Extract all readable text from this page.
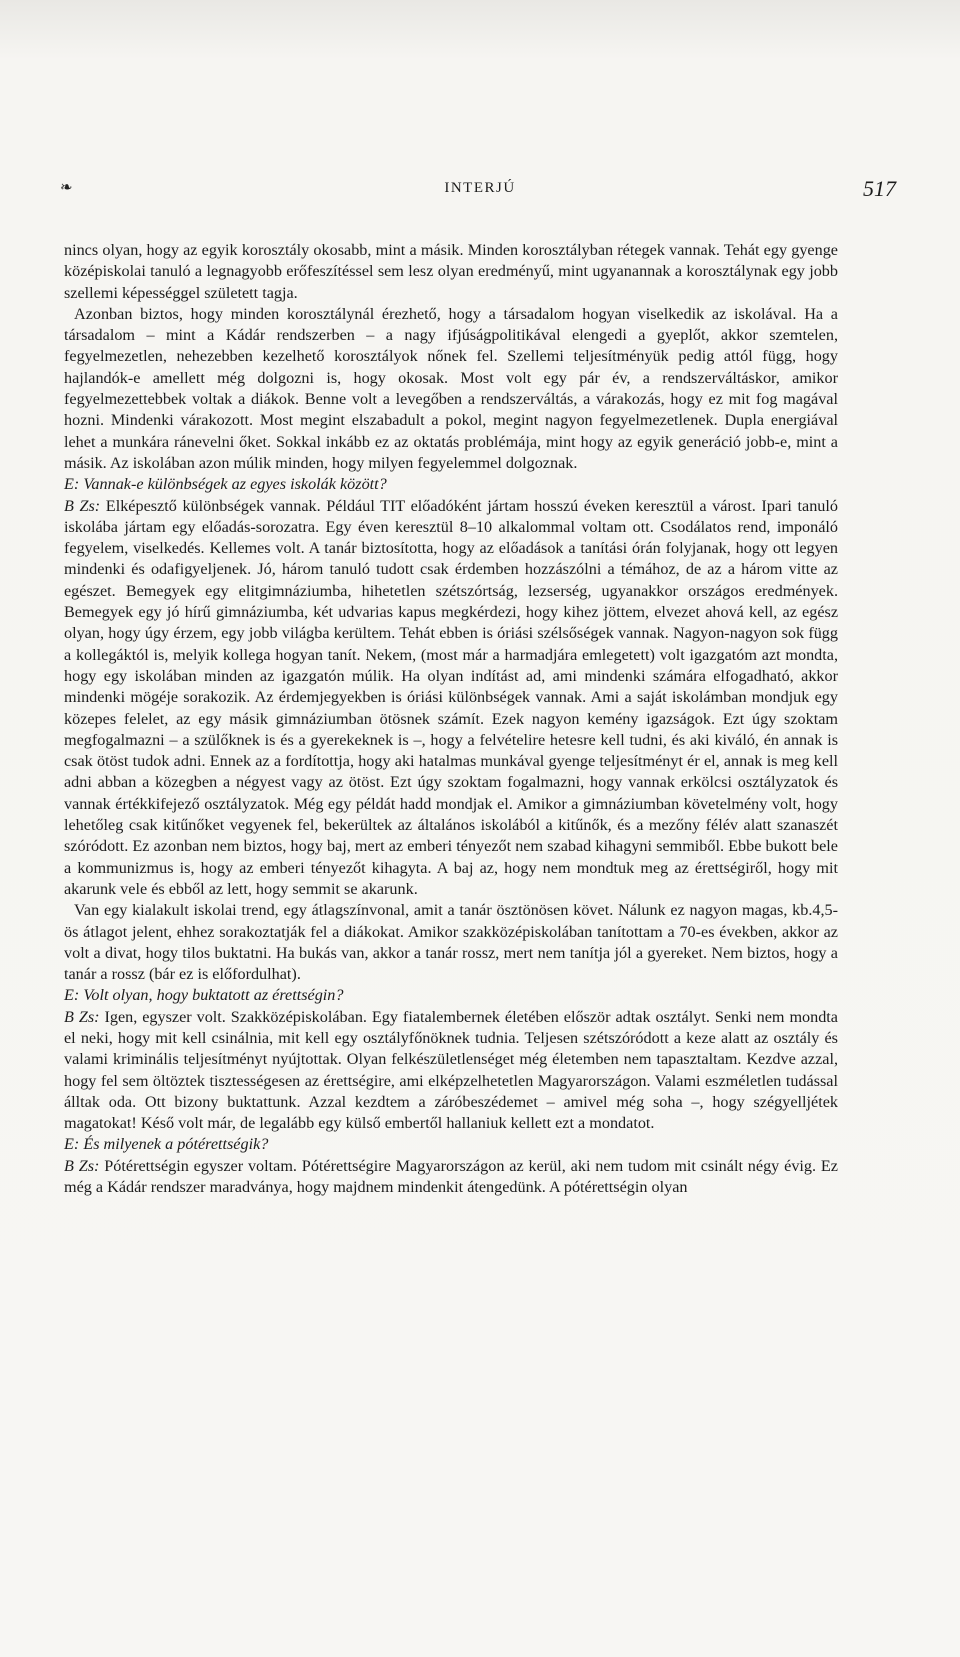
❧	INTERJÚ	517

nincs olyan, hogy az egyik korosztály okosabb, mint a másik. Minden korosztályban rétegek vannak. Tehát egy gyenge középiskolai tanuló a legnagyobb erőfeszítéssel sem lesz olyan eredményű, mint ugyanannak a korosztálynak egy jobb szellemi képességgel született tagja.

Azonban biztos, hogy minden korosztálynál érezhető, hogy a társadalom hogyan viselkedik az iskolával. Ha a társadalom – mint a Kádár rendszerben – a nagy ifjúságpolitikával elengedi a gyeplőt, akkor szemtelen, fegyelmezetlen, nehezebben kezelhető korosztályok nőnek fel. Szellemi teljesítményük pedig attól függ, hogy hajlandók-e amellett még dolgozni is, hogy okosak. Most volt egy pár év, a rendszerváltáskor, amikor fegyelmezettebbek voltak a diákok. Benne volt a levegőben a rendszerváltás, a várakozás, hogy ez mit fog magával hozni. Mindenki várakozott. Most megint elszabadult a pokol, megint nagyon fegyelmezetlenek. Dupla energiával lehet a munkára ránevelni őket. Sokkal inkább ez az oktatás problémája, mint hogy az egyik generáció jobb-e, mint a másik. Az iskolában azon múlik minden, hogy milyen fegyelemmel dolgoznak.

E: Vannak-e különbségek az egyes iskolák között?

B Zs: Elképesztő különbségek vannak. Például TIT előadóként jártam hosszú éveken keresztül a várost. Ipari tanuló iskolába jártam egy előadás-sorozatra. Egy éven keresztül 8–10 alkalommal voltam ott. Csodálatos rend, imponáló fegyelem, viselkedés. Kellemes volt. A tanár biztosította, hogy az előadások a tanítási órán folyjanak, hogy ott legyen mindenki és odafigyeljenek. Jó, három tanuló tudott csak érdemben hozzászólni a témához, de az a három vitte az egészet. Bemegyek egy elitgimnáziumba, hihetetlen szétszórtság, lezserség, ugyanakkor országos eredmények. Bemegyek egy jó hírű gimnáziumba, két udvarias kapus megkérdezi, hogy kihez jöttem, elvezet ahová kell, az egész olyan, hogy úgy érzem, egy jobb világba kerültem. Tehát ebben is óriási szélsőségek vannak. Nagyon-nagyon sok függ a kollegáktól is, melyik kollega hogyan tanít. Nekem, (most már a harmadjára emlegetett) volt igazgatóm azt mondta, hogy egy iskolában minden az igazgatón múlik. Ha olyan indítást ad, ami mindenki számára elfogadható, akkor mindenki mögéje sorakozik. Az érdemjegyekben is óriási különbségek vannak. Ami a saját iskolámban mondjuk egy közepes felelet, az egy másik gimnáziumban ötösnek számít. Ezek nagyon kemény igazságok. Ezt úgy szoktam megfogalmazni – a szülőknek is és a gyerekeknek is –, hogy a felvételire hetesre kell tudni, és aki kiváló, én annak is csak ötöst tudok adni. Ennek az a fordítottja, hogy aki hatalmas munkával gyenge teljesítményt ér el, annak is meg kell adni abban a közegben a négyest vagy az ötöst. Ezt úgy szoktam fogalmazni, hogy vannak erkölcsi osztályzatok és vannak értékkifejező osztályzatok. Még egy példát hadd mondjak el. Amikor a gimnáziumban követelmény volt, hogy lehetőleg csak kitűnőket vegyenek fel, bekerültek az általános iskolából a kitűnők, és a mezőny félév alatt szanaszét szóródott. Ez azonban nem biztos, hogy baj, mert az emberi tényezőt nem szabad kihagyni semmiből. Ebbe bukott bele a kommunizmus is, hogy az emberi tényezőt kihagyta. A baj az, hogy nem mondtuk meg az érettségiről, hogy mit akarunk vele és ebből az lett, hogy semmit se akarunk.

Van egy kialakult iskolai trend, egy átlagszínvonal, amit a tanár ösztönösen követ. Nálunk ez nagyon magas, kb.4,5-ös átlagot jelent, ehhez sorakoztatják fel a diákokat. Amikor szakközépiskolában tanítottam a 70-es években, akkor az volt a divat, hogy tilos buktatni. Ha bukás van, akkor a tanár rossz, mert nem tanítja jól a gyereket. Nem biztos, hogy a tanár a rossz (bár ez is előfordulhat).

E: Volt olyan, hogy buktatott az érettségin?

B Zs: Igen, egyszer volt. Szakközépiskolában. Egy fiatalembernek életében először adtak osztályt. Senki nem mondta el neki, hogy mit kell csinálnia, mit kell egy osztályfőnöknek tudnia. Teljesen szétszóródott a keze alatt az osztály és valami kriminális teljesítményt nyújtottak. Olyan felkészületlenséget még életemben nem tapasztaltam. Kezdve azzal, hogy fel sem öltöztek tisztességesen az érettségire, ami elképzelhetetlen Magyarországon. Valami eszméletlen tudással álltak oda. Ott bizony buktattunk. Azzal kezdtem a záróbeszédemet – amivel még soha –, hogy szégyelljétek magatokat! Késő volt már, de legalább egy külső embertől hallaniuk kellett ezt a mondatot.

E: És milyenek a pótérettségik?

B Zs: Pótérettségin egyszer voltam. Pótérettségire Magyarországon az kerül, aki nem tudom mit csinált négy évig. Ez még a Kádár rendszer maradványa, hogy majdnem mindenkit átengedünk. A pótérettségin olyan
